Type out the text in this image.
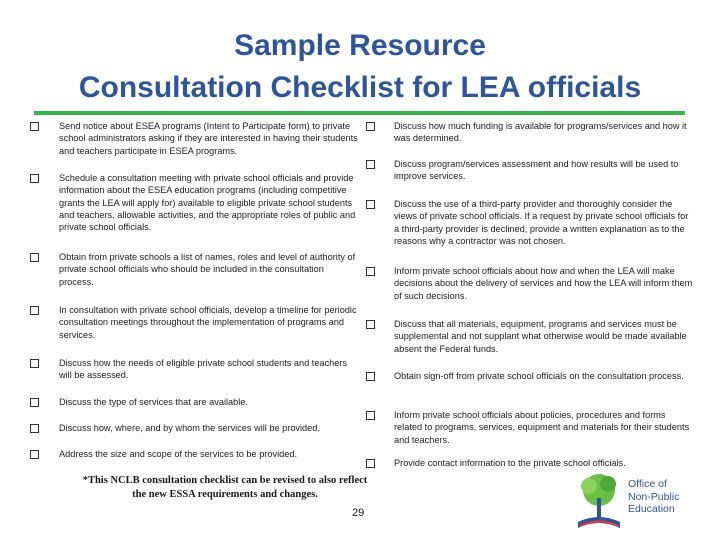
Sample Resource
Consultation Checklist for LEA officials
Send notice about ESEA programs (Intent to Participate form) to private school administrators asking if they are interested in having their students and teachers participate in ESEA programs.
Schedule a consultation meeting with private school officials and provide information about the ESEA education programs (including competitive grants the LEA will apply for) available to eligible private school students and teachers, allowable activities, and the appropriate roles of public and private school officials.
Obtain from private schools a list of names, roles and level of authority of private school officials who should be included in the consultation process.
In consultation with private school officials, develop a timeline for periodic consultation meetings throughout the implementation of programs and services.
Discuss how the needs of eligible private school students and teachers will be assessed.
Discuss the type of services that are available.
Discuss how, where, and by whom the services will be provided.
Address the size and scope of the services to be provided.
Discuss how much funding is available for programs/services and how it was determined.
Discuss program/services assessment and how results will be used to improve services.
Discuss the use of a third-party provider and thoroughly consider the views of private school officials. If a request by private school officials for a third-party provider is declined, provide a written explanation as to the reasons why a contractor was not chosen.
Inform private school officials about how and when the LEA will make decisions about the delivery of services and how the LEA will inform them of such decisions.
Discuss that all materials, equipment, programs and services must be supplemental and not supplant what otherwise would be made available absent the Federal funds.
Obtain sign-off from private school officials on the consultation process.
Inform private school officials about policies, procedures and forms related to programs, services, equipment and materials for their students and teachers.
Provide contact information to the private school officials.
*This NCLB consultation checklist can be revised to also reflect the new ESSA requirements and changes.
29
Office of
Non-Public
Education
